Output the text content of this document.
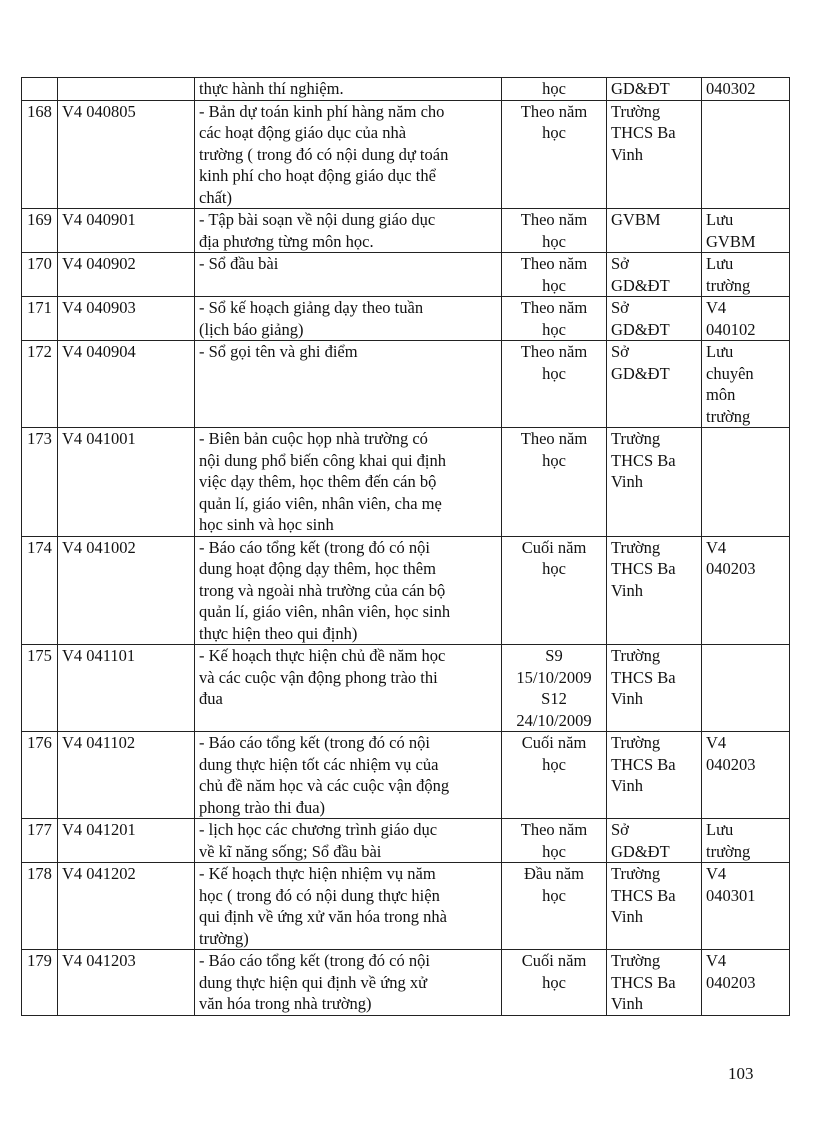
		thực hành thí nghiệm.	học	GD&ĐT	040302
168	V4 040805	- Bản dự toán kinh phí hàng năm cho
các hoạt động giáo dục của nhà
trường ( trong đó có nội dung dự toán
kinh phí cho hoạt động giáo dục thể
chất)	Theo năm
học	Trường
THCS Ba
Vinh	
169	V4 040901	- Tập bài soạn về nội dung giáo dục
địa phương từng môn học.	Theo năm
học	GVBM	Lưu
GVBM
170	V4 040902	- Sổ đầu bài	Theo năm
học	Sở
GD&ĐT	Lưu
trường
171	V4 040903	- Sổ kế hoạch giảng dạy theo tuần
(lịch báo giảng)	Theo năm
học	Sở
GD&ĐT	V4
040102
172	V4 040904	- Sổ gọi tên và ghi điểm	Theo năm
học	Sở
GD&ĐT	Lưu
chuyên
môn
trường
173	V4 041001	- Biên bản cuộc họp nhà trường có
nội dung phổ biến công khai qui định
việc dạy thêm, học thêm đến cán bộ
quản lí, giáo viên, nhân viên, cha mẹ
học sinh và học sinh	Theo năm
học	Trường
THCS Ba
Vinh	
174	V4 041002	- Báo cáo tổng kết (trong đó có nội
dung hoạt động dạy thêm, học thêm
trong và ngoài nhà trường của cán bộ
quản lí, giáo viên, nhân viên, học sinh
thực hiện theo qui định)	Cuối năm
học	Trường
THCS Ba
Vinh	V4
040203
175	V4 041101	- Kế hoạch thực hiện chủ đề năm học
và các cuộc vận động phong trào thi
đua	S9
15/10/2009
S12
24/10/2009	Trường
THCS Ba
Vinh	
176	V4 041102	- Báo cáo tổng kết (trong đó có nội
dung thực hiện tốt các nhiệm vụ của
chủ đề năm học và các cuộc vận động
phong trào thi đua)	Cuối năm
học	Trường
THCS Ba
Vinh	V4
040203
177	V4 041201	- lịch học các chương trình giáo dục
về kĩ năng sống; Sổ đầu bài	Theo năm
học	Sở
GD&ĐT	Lưu
trường
178	V4 041202	- Kế hoạch thực hiện nhiệm vụ năm
học ( trong đó có nội dung thực hiện
qui định về ứng xử văn hóa trong nhà
trường)	Đầu năm
học	Trường
THCS Ba
Vinh	V4
040301
179	V4 041203	- Báo cáo tổng kết (trong đó có nội
dung thực hiện qui định về ứng xử
văn hóa trong nhà trường)	Cuối năm
học	Trường
THCS Ba
Vinh	V4
040203
103
